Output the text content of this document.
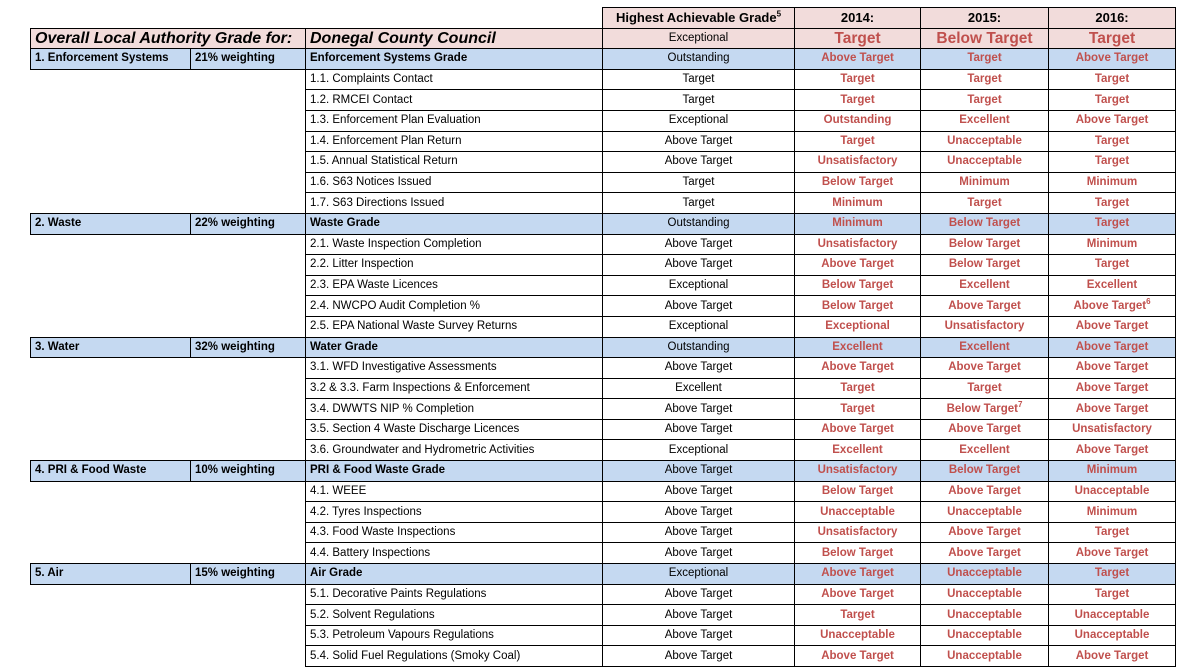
			Highest Achievable Grade$^5$	2014:	2015:	2016:
Overall Local Authority Grade for:		Donegal County Council	Exceptional	Target	Below Target	Target
1. Enforcement Systems	21% weighting	Enforcement Systems Grade	Outstanding	Above Target	Target	Above Target
		1.1. Complaints Contact	Target	Target	Target	Target
		1.2. RMCEI Contact	Target	Target	Target	Target
		1.3. Enforcement Plan Evaluation	Exceptional	Outstanding	Excellent	Above Target
		1.4. Enforcement Plan Return	Above Target	Target	Unacceptable	Target
		1.5. Annual Statistical Return	Above Target	Unsatisfactory	Unacceptable	Target
		1.6. S63 Notices Issued	Target	Below Target	Minimum	Minimum
		1.7. S63 Directions Issued	Target	Minimum	Target	Target
2. Waste	22% weighting	Waste Grade	Outstanding	Minimum	Below Target	Target
		2.1. Waste Inspection Completion	Above Target	Unsatisfactory	Below Target	Minimum
		2.2. Litter Inspection	Above Target	Above Target	Below Target	Target
		2.3. EPA Waste Licences	Exceptional	Below Target	Excellent	Excellent
		2.4. NWCPO Audit Completion %	Above Target	Below Target	Above Target	Above Target$^6$
		2.5. EPA National Waste Survey Returns	Exceptional	Exceptional	Unsatisfactory	Above Target
3. Water	32% weighting	Water Grade	Outstanding	Excellent	Excellent	Above Target
		3.1. WFD Investigative Assessments	Above Target	Above Target	Above Target	Above Target
		3.2 & 3.3. Farm Inspections & Enforcement	Excellent	Target	Target	Above Target
		3.4. DWWTS NIP % Completion	Above Target	Target	Below Target$^7$	Above Target
		3.5. Section 4 Waste Discharge Licences	Above Target	Above Target	Above Target	Unsatisfactory
		3.6. Groundwater and Hydrometric Activities	Exceptional	Excellent	Excellent	Above Target
4. PRI & Food Waste	10% weighting	PRI & Food Waste Grade	Above Target	Unsatisfactory	Below Target	Minimum
		4.1. WEEE	Above Target	Below Target	Above Target	Unacceptable
		4.2. Tyres Inspections	Above Target	Unacceptable	Unacceptable	Minimum
		4.3. Food Waste Inspections	Above Target	Unsatisfactory	Above Target	Target
		4.4. Battery Inspections	Above Target	Below Target	Above Target	Above Target
5. Air	15% weighting	Air Grade	Exceptional	Above Target	Unacceptable	Target
		5.1. Decorative Paints Regulations	Above Target	Above Target	Unacceptable	Target
		5.2. Solvent Regulations	Above Target	Target	Unacceptable	Unacceptable
		5.3. Petroleum Vapours Regulations	Above Target	Unacceptable	Unacceptable	Unacceptable
		5.4. Solid Fuel Regulations (Smoky Coal)	Above Target	Above Target	Unacceptable	Above Target
